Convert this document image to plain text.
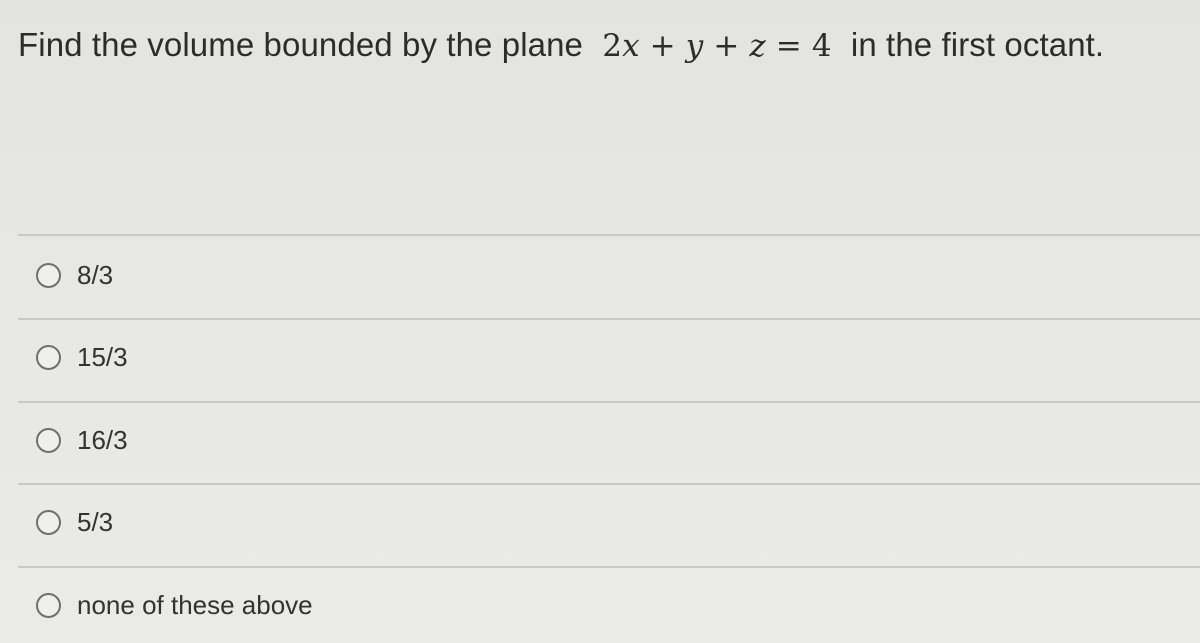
Find the volume bounded by the plane 2x + y + z = 4 in the first octant.
8/3
15/3
16/3
5/3
none of these above
